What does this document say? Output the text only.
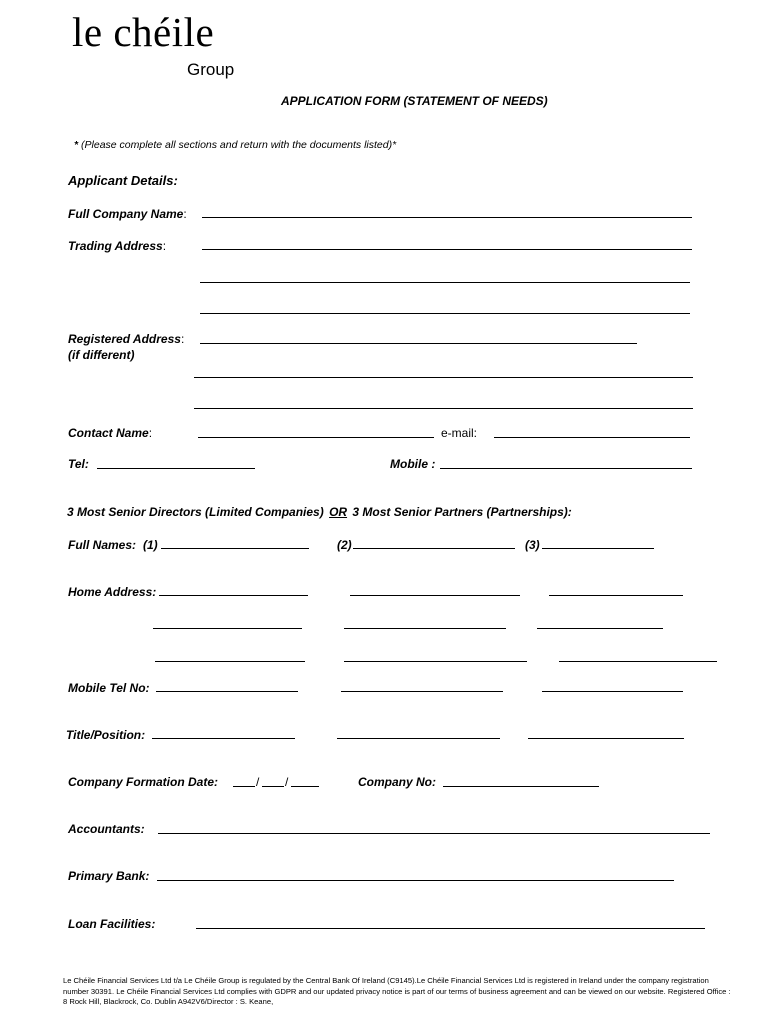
le chéile
Group
APPLICATION FORM (STATEMENT OF NEEDS)
* (Please complete all sections and return with the documents listed)*
Applicant Details:
Full Company Name:
Trading Address:
Registered Address:
(if different)
Contact Name:	e-mail:
Tel:	Mobile :
3 Most Senior Directors (Limited Companies) OR 3 Most Senior Partners (Partnerships):
Full Names: (1)	(2)	(3)
Home Address:
Mobile Tel No:
Title/Position:
Company Formation Date:	/ /	Company No:
Accountants:
Primary Bank:
Loan Facilities:
Le Chéile Financial Services Ltd t/a Le Chéile Group is regulated by the Central Bank Of Ireland (C9145).Le Chéile Financial Services Ltd is registered in Ireland under the company registration number 30391. Le Chéile Financial Services Ltd complies with GDPR and our updated privacy notice is part of our terms of business agreement and can be viewed on our website. Registered Office : 8 Rock Hill, Blackrock, Co. Dublin A942V6/Director : S. Keane,
